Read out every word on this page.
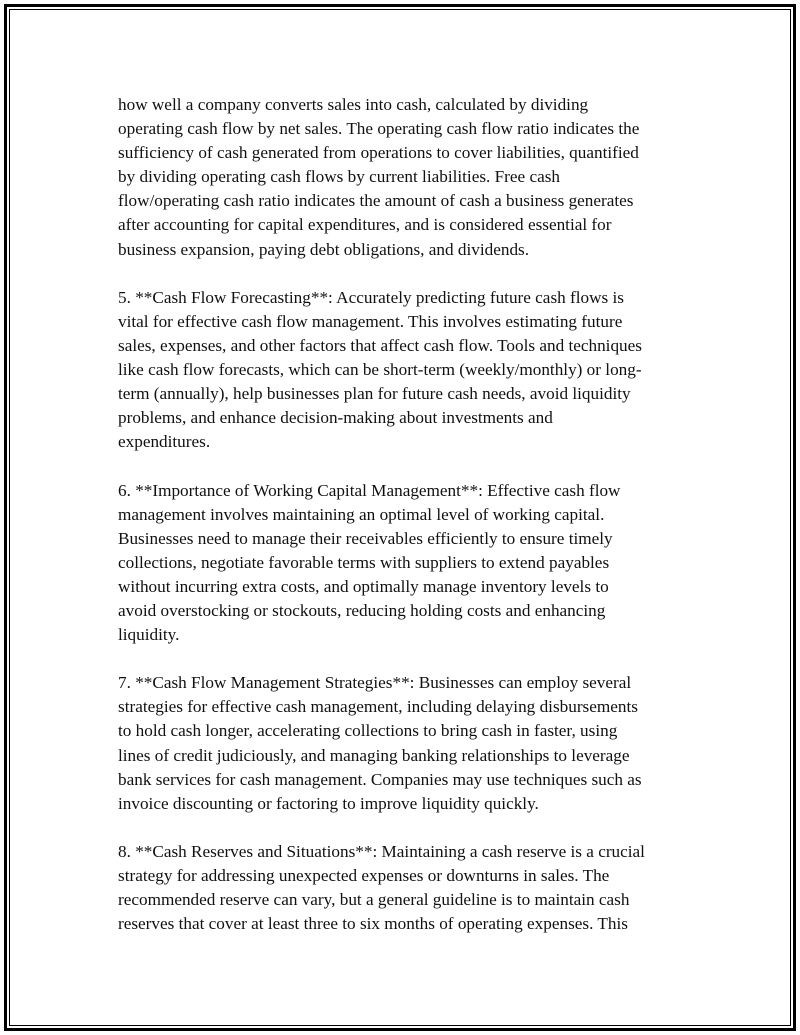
how well a company converts sales into cash, calculated by dividing
operating cash flow by net sales. The operating cash flow ratio indicates the
sufficiency of cash generated from operations to cover liabilities, quantified
by dividing operating cash flows by current liabilities. Free cash
flow/operating cash ratio indicates the amount of cash a business generates
after accounting for capital expenditures, and is considered essential for
business expansion, paying debt obligations, and dividends.

5. **Cash Flow Forecasting**: Accurately predicting future cash flows is
vital for effective cash flow management. This involves estimating future
sales, expenses, and other factors that affect cash flow. Tools and techniques
like cash flow forecasts, which can be short-term (weekly/monthly) or long-
term (annually), help businesses plan for future cash needs, avoid liquidity
problems, and enhance decision-making about investments and
expenditures.

6. **Importance of Working Capital Management**: Effective cash flow
management involves maintaining an optimal level of working capital.
Businesses need to manage their receivables efficiently to ensure timely
collections, negotiate favorable terms with suppliers to extend payables
without incurring extra costs, and optimally manage inventory levels to
avoid overstocking or stockouts, reducing holding costs and enhancing
liquidity.

7. **Cash Flow Management Strategies**: Businesses can employ several
strategies for effective cash management, including delaying disbursements
to hold cash longer, accelerating collections to bring cash in faster, using
lines of credit judiciously, and managing banking relationships to leverage
bank services for cash management. Companies may use techniques such as
invoice discounting or factoring to improve liquidity quickly.

8. **Cash Reserves and Situations**: Maintaining a cash reserve is a crucial
strategy for addressing unexpected expenses or downturns in sales. The
recommended reserve can vary, but a general guideline is to maintain cash
reserves that cover at least three to six months of operating expenses. This
